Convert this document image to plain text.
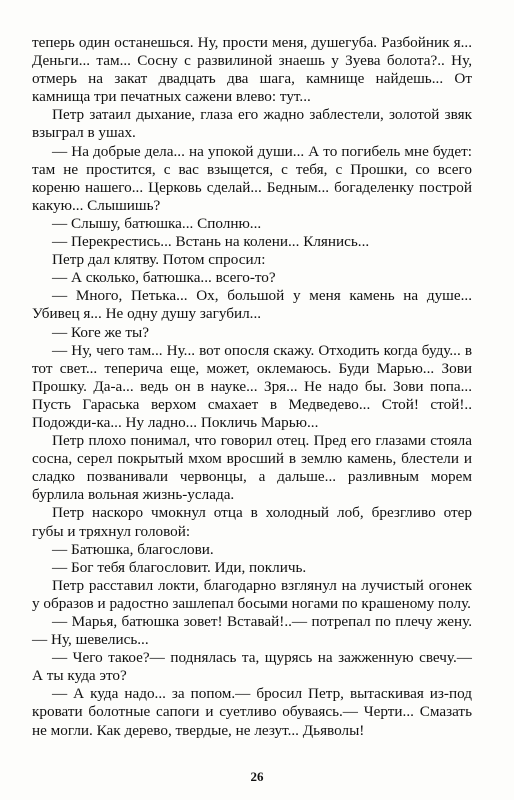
теперь один останешься. Ну, прости меня, душегуба. Разбойник я... Деньги... там... Сосну с развилиной знаешь у Зуева болота?.. Ну, отмерь на закат двадцать два шага, камнище найдешь... От камнища три печатных сажени влево: тут...

Петр затаил дыхание, глаза его жадно заблестели, золотой звяк взыграл в ушах.

— На добрые дела... на упокой души... А то погибель мне будет: там не простится, с вас взыщется, с тебя, с Прошки, со всего кореню нашего... Церковь сделай... Бедным... богаделенку построй какую... Слышишь?

— Слышу, батюшка... Сполню...

— Перекрестись... Встань на колени... Клянись...

Петр дал клятву. Потом спросил:

— А сколько, батюшка... всего-то?

— Много, Петька... Ох, большой у меня камень на душе... Убивец я... Не одну душу загубил...

— Коге же ты?

— Ну, чего там... Ну... вот опосля скажу. Отходить когда буду... в тот свет... теперича еще, может, оклемаюсь. Буди Марью... Зови Прошку. Да-а... ведь он в науке... Зря... Не надо бы. Зови попа... Пусть Гараська верхом смахает в Медведево... Стой! стой!.. Подожди-ка... Ну ладно... Покличь Марью...

Петр плохо понимал, что говорил отец. Пред его глазами стояла сосна, серел покрытый мхом вросший в землю камень, блестели и сладко позванивали червонцы, а дальше... разливным морем бурлила вольная жизнь-услада.

Петр наскоро чмокнул отца в холодный лоб, брезгливо отер губы и тряхнул головой:

— Батюшка, благослови.

— Бог тебя благословит. Иди, покличь.

Петр расставил локти, благодарно взглянул на лучистый огонек у образов и радостно зашлепал босыми ногами по крашеному полу.

— Марья, батюшка зовет! Вставай!..— потрепал по плечу жену.— Ну, шевелись...

— Чего такое?— поднялась та, щурясь на зажженную свечу.— А ты куда это?

— А куда надо... за попом.— бросил Петр, вытаскивая из-под кровати болотные сапоги и суетливо обуваясь.— Черти... Смазать не могли. Как дерево, твердые, не лезут... Дьяволы!

26
